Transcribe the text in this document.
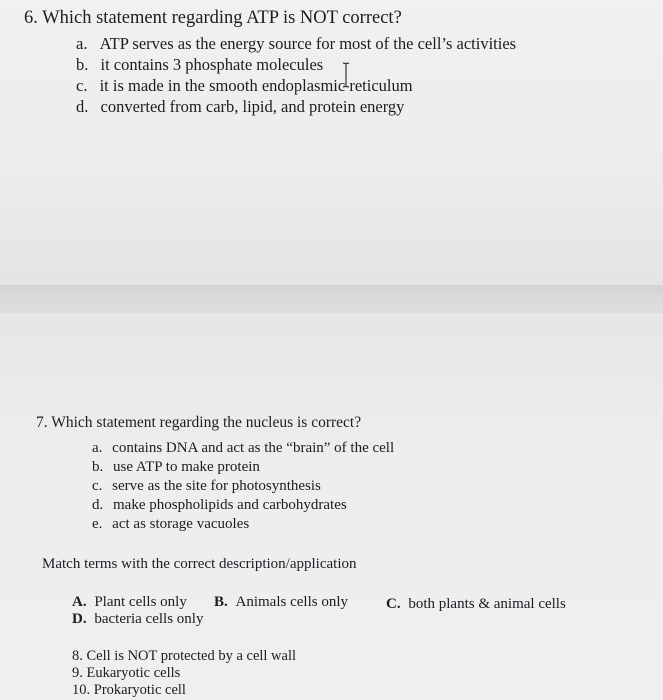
6. Which statement regarding ATP is NOT correct?
a. ATP serves as the energy source for most of the cell’s activities
b. it contains 3 phosphate molecules
c. it is made in the smooth endoplasmic reticulum
d. converted from carb, lipid, and protein energy
7. Which statement regarding the nucleus is correct?
a. contains DNA and act as the “brain” of the cell
b. use ATP to make protein
c. serve as the site for photosynthesis
d. make phospholipids and carbohydrates
e. act as storage vacuoles
Match terms with the correct description/application
A. Plant cells only B. Animals cells only	C. both plants & animal cells
D. bacteria cells only
8. Cell is NOT protected by a cell wall
9. Eukaryotic cells
10. Prokaryotic cell
